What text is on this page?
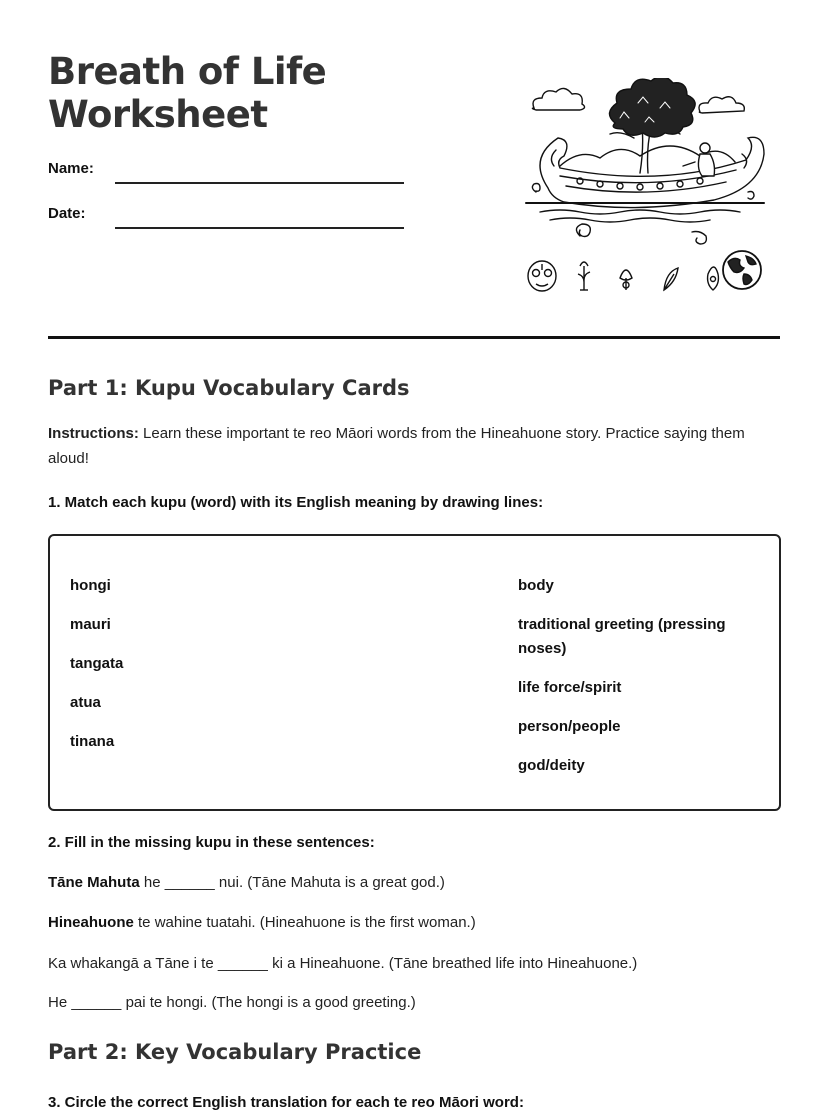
Breath of Life
Worksheet
Name:
Date:
Part 1: Kupu Vocabulary Cards

Instructions: Learn these important te reo Māori words from the Hineahuone story. Practice saying them aloud!

1. Match each kupu (word) with its English meaning by drawing lines:

hongi
mauri
tangata
atua
tinana
body
traditional greeting (pressing noses)
life force/spirit
person/people
god/deity

2. Fill in the missing kupu in these sentences:

Tāne Mahuta he ______ nui. (Tāne Mahuta is a great god.)

Hineahuone te wahine tuatahi. (Hineahuone is the first woman.)

Ka whakangā a Tāne i te ______ ki a Hineahuone. (Tāne breathed life into Hineahuone.)

He ______ pai te hongi. (The hongi is a good greeting.)

Part 2: Key Vocabulary Practice

3. Circle the correct English translation for each te reo Māori word:
